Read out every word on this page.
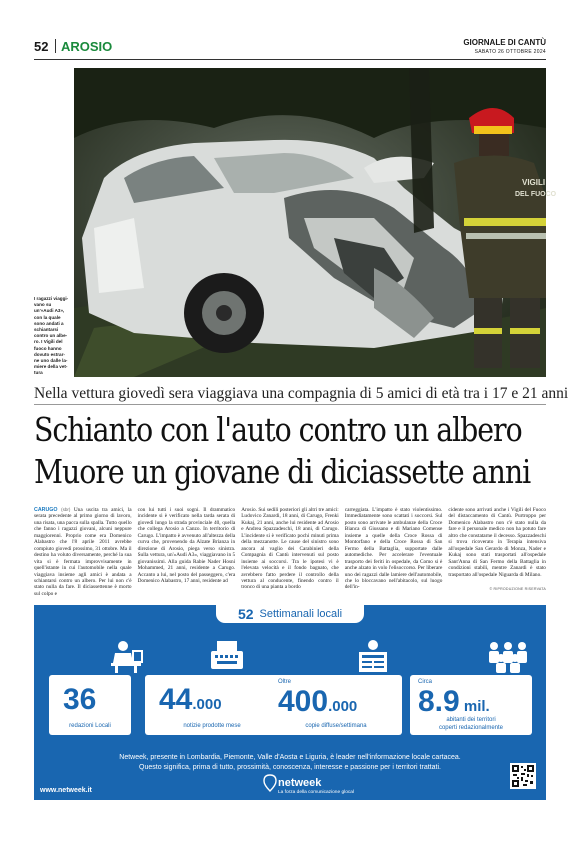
52 AROSIO	GIORNALE DI CANTÙ
SABATO 26 OTTOBRE 2024
VIGILI
DEL FUOCO
I ragazzi viaggi-vano su un'«Audi A3», con la quale sono andati a schiantarsi contro un albe-ro. I Vigili del fuoco hanno dovuto estrar-ne uno dalle la-miere della vet-tura
Nella vettura giovedì sera viaggiava una compagnia di 5 amici di età tra i 17 e 21 anni
Schianto con l'auto contro un albero
Muore un giovane di diciassette anni
CARUGO (sbr) Una uscita tra amici, la serata precedente al primo giorno di lavoro, una risata, una pacca sulla spalla. Tutto quello che fanno i ragazzi giovani, alcuni neppure maggiorenni. Proprio come era Domenico Alabastro che l'8 aprile 2011 avrebbe compiuto giovedì prossimo, 31 ottobre. Ma il destino ha voluto diversamente, perché la sua vita si è fermata improvvisamente in quell'istante in cui l'automobile nella quale viaggiava insieme agli amici è andata a schiantarsi contro un albero. Per lui non c'è stato nulla da fare. Il diciassettenne è morto sul colpo e
con lui tutti i suoi sogni. Il drammatico incidente si è verificato nella tarda serata di giovedì lungo la strada provinciale 40, quella che collega Arosio a Canzo. In territorio di Carugo. L'impatto è avvenuto all'altezza della curva che, provenendo da Alzate Brianza in direzione di Arosio, piega verso sinistra. Sulla vettura, un'«Audi A3», viaggiavano in 5 giovanissimi. Alla guida Rabie Nader Hosni Mohammed, 21 anni, residente a Carugo. Accanto a lui, nel posto del passeggero, c'era Domenico Alabastro, 17 anni, residente ad
Arosio. Sui sedili posteriori gli altri tre amici: Ludovico Zanardi, 18 anni, di Carugo, Frenki Kukaj, 21 anni, anche lui residente ad Arosio e Andrea Spazzadeschi, 18 anni, di Carugo. L'incidente si è verificato pochi minuti prima della mezzanotte. Le cause del sinistro sono ancora al vaglio dei Carabinieri della Compagnia di Cantù intervenuti sul posto insieme ai soccorsi. Tra le ipotesi vi è l'elevata velocità e il fondo bagnato, che avrebbero fatto perdere il controllo della vettura al conducente, finendo contro il tronco di una pianta a bordo
carreggiata. L'impatto è stato violentissimo. Immediatamente sono scattati i soccorsi. Sul posto sono arrivate le ambulanze della Croce Bianca di Giussano e di Mariano Comense insieme a quelle della Croce Rossa di Montorfano e della Croce Rossa di San Fermo della Battaglia, supportate dalle automediche. Per accelerare l'eventuale trasporto dei feriti in ospedale, da Como si è anche alzato in volo l'elisoccorso. Per liberare uno dei ragazzi dalle lamiere dell'automobile, che lo bloccavano nell'abitacolo, sul luogo dell'in-
cidente sono arrivati anche i Vigili del Fuoco del distaccamento di Cantù. Purtroppo per Domenico Alabastro non c'è stato nulla da fare e il personale medico non ha potuto fare altro che constatarne il decesso. Spazzadeschi si trova ricoverato in Terapia intensiva all'ospedale San Gerardo di Monza, Nader e Kukaj sono stati trasportati all'ospedale Sant'Anna di San Fermo della Battaglia in condizioni stabili, mentre Zanardi è stato trasportato all'ospedale Niguarda di Milano.
© RIPRODUZIONE RISERVATA
52 Settimanali locali
36
redazioni Locali
44.000
notizie prodotte mese
Oltre
400.000
copie diffuse/settimana
Circa
8.9 mil.
abitanti dei territori
coperti redazionalmente
Netweek, presente in Lombardia, Piemonte, Valle d'Aosta e Liguria, è leader nell'informazione locale cartacea.
Questo significa, prima di tutto, prossimità, conoscenza, interesse e passione per i territori trattati.
www.netweek.it
netweek
La forza della comunicazione glocal
